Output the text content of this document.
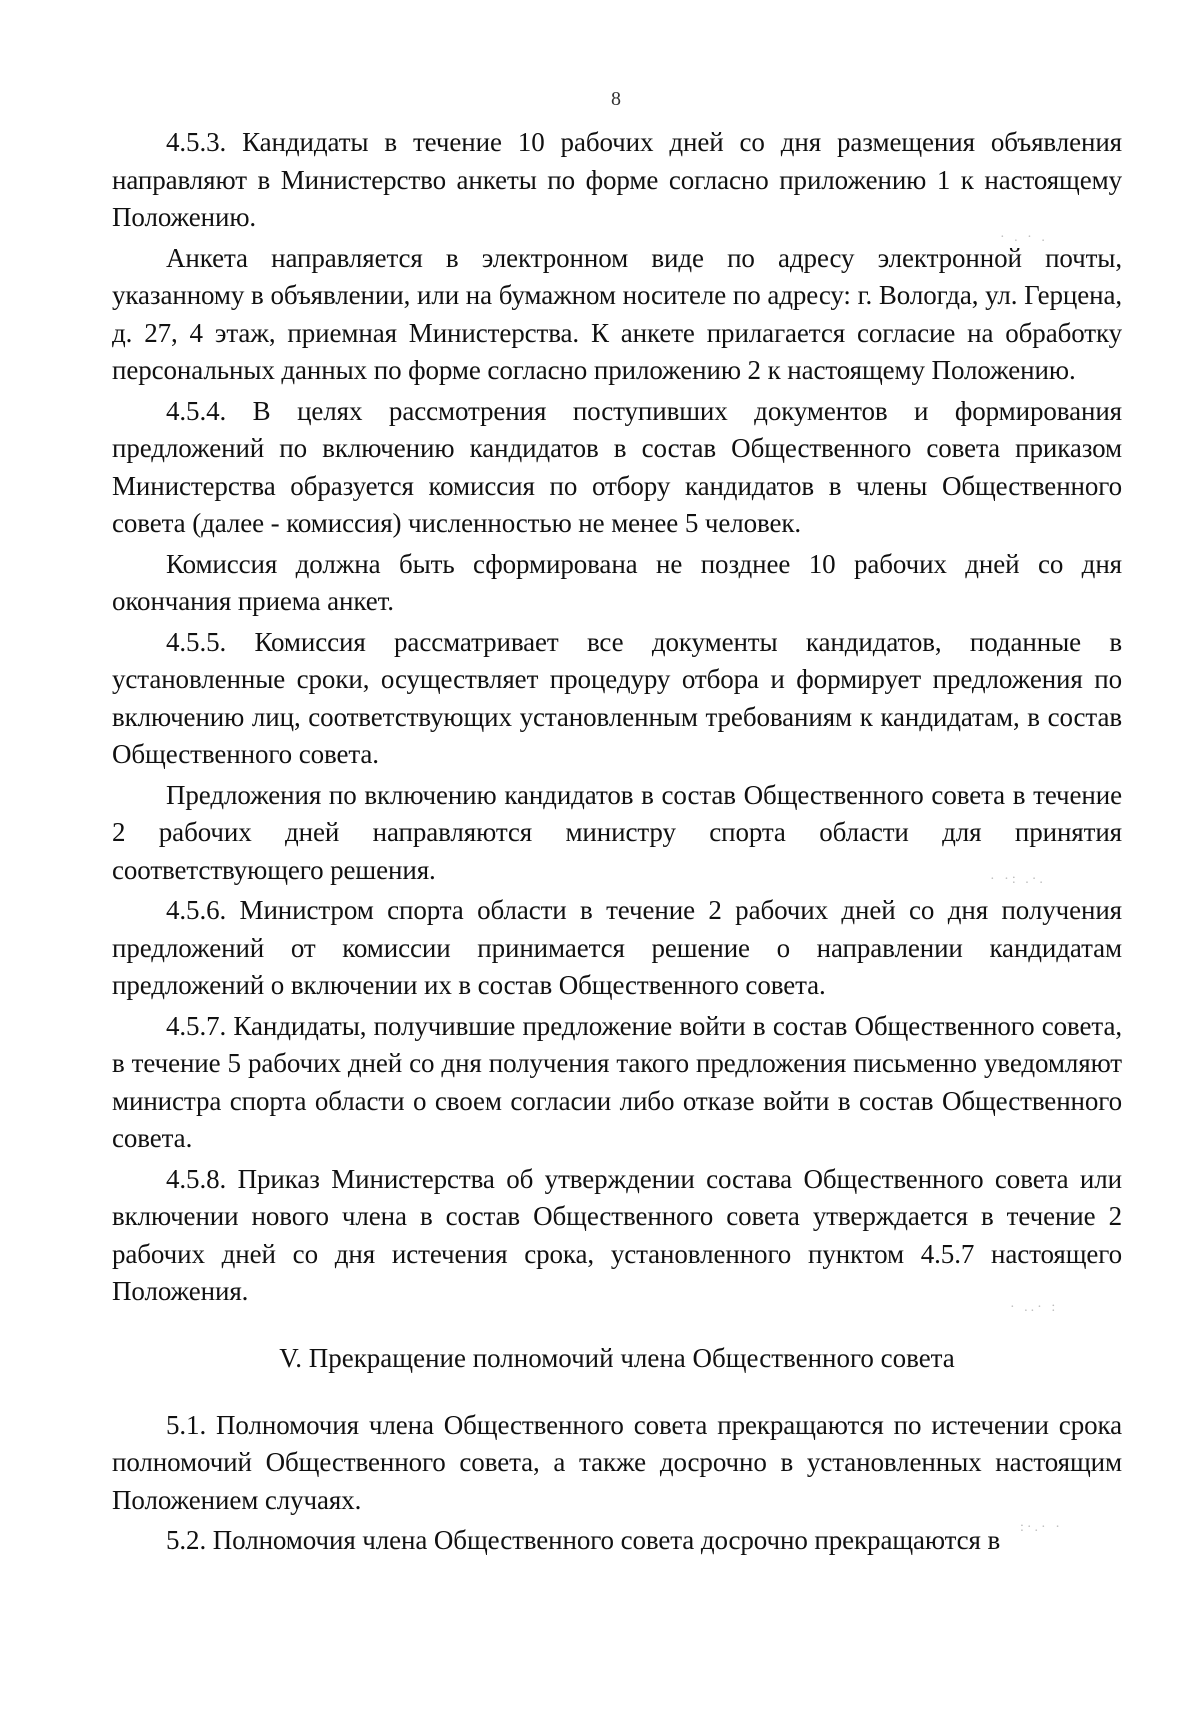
8

4.5.3. Кандидаты в течение 10 рабочих дней со дня размещения объявления направляют в Министерство анкеты по форме согласно приложению 1 к настоящему Положению.

Анкета направляется в электронном виде по адресу электронной почты, указанному в объявлении, или на бумажном носителе по адресу: г. Вологда, ул. Герцена, д. 27, 4 этаж, приемная Министерства. К анкете прилагается согласие на обработку персональных данных по форме согласно приложению 2 к настоящему Положению.

4.5.4. В целях рассмотрения поступивших документов и формирования предложений по включению кандидатов в состав Общественного совета приказом Министерства образуется комиссия по отбору кандидатов в члены Общественного совета (далее - комиссия) численностью не менее 5 человек.

Комиссия должна быть сформирована не позднее 10 рабочих дней со дня окончания приема анкет.

4.5.5. Комиссия рассматривает все документы кандидатов, поданные в установленные сроки, осуществляет процедуру отбора и формирует предложения по включению лиц, соответствующих установленным требованиям к кандидатам, в состав Общественного совета.

Предложения по включению кандидатов в состав Общественного совета в течение 2 рабочих дней направляются министру спорта области для принятия соответствующего решения.

4.5.6. Министром спорта области в течение 2 рабочих дней со дня получения предложений от комиссии принимается решение о направлении кандидатам предложений о включении их в состав Общественного совета.

4.5.7. Кандидаты, получившие предложение войти в состав Общественного совета, в течение 5 рабочих дней со дня получения такого предложения письменно уведомляют министра спорта области о своем согласии либо отказе войти в состав Общественного совета.

4.5.8. Приказ Министерства об утверждении состава Общественного совета или включении нового члена в состав Общественного совета утверждается в течение 2 рабочих дней со дня истечения срока, установленного пунктом 4.5.7 настоящего Положения.

V. Прекращение полномочий члена Общественного совета

5.1. Полномочия члена Общественного совета прекращаются по истечении срока полномочий Общественного совета, а также досрочно в установленных настоящим Положением случаях.

5.2. Полномочия члена Общественного совета досрочно прекращаются в

· . · .
· ·: .·.
· ..· :
:·.· ·
